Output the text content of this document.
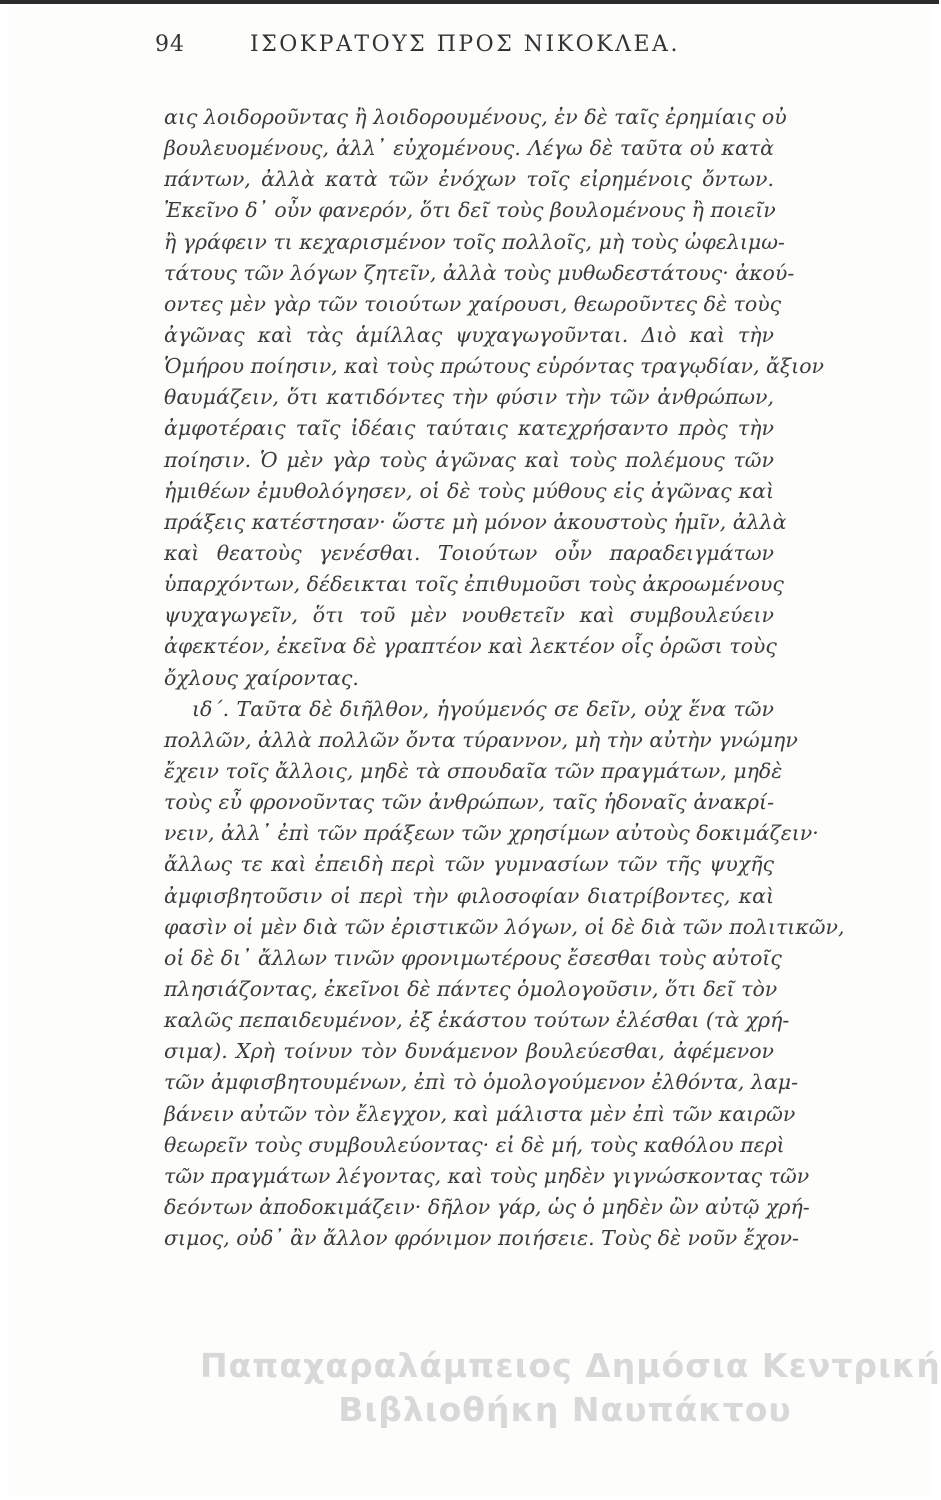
94	ΙΣΟΚΡΑΤΟΥΣ ΠΡΟΣ ΝΙΚΟΚΛΕΑ.
αις λοιδοροῦντας ἢ λοιδορουμένους, ἐν δὲ ταῖς ἐρημίαις οὐ
βουλευομένους, ἀλλ᾽ εὐχομένους. Λέγω δὲ ταῦτα οὐ κατὰ
πάντων, ἀλλὰ κατὰ τῶν ἐνόχων τοῖς εἰρημένοις ὄντων.
Ἐκεῖνο δ᾽ οὖν φανερόν, ὅτι δεῖ τοὺς βουλομένους ἢ ποιεῖν
ἢ γράφειν τι κεχαρισμένον τοῖς πολλοῖς, μὴ τοὺς ὠφελιμω-
τάτους τῶν λόγων ζητεῖν, ἀλλὰ τοὺς μυθωδεστάτους· ἀκού-
οντες μὲν γὰρ τῶν τοιούτων χαίρουσι, θεωροῦντες δὲ τοὺς
ἀγῶνας καὶ τὰς ἁμίλλας ψυχαγωγοῦνται. Διὸ καὶ τὴν
Ὁμήρου ποίησιν, καὶ τοὺς πρώτους εὑρόντας τραγῳδίαν, ἄξιον
θαυμάζειν, ὅτι κατιδόντες τὴν φύσιν τὴν τῶν ἀνθρώπων,
ἀμφοτέραις ταῖς ἰδέαις ταύταις κατεχρήσαντο πρὸς τὴν
ποίησιν. Ὁ μὲν γὰρ τοὺς ἀγῶνας καὶ τοὺς πολέμους τῶν
ἡμιθέων ἐμυθολόγησεν, οἱ δὲ τοὺς μύθους εἰς ἀγῶνας καὶ
πράξεις κατέστησαν· ὥστε μὴ μόνον ἀκουστοὺς ἡμῖν, ἀλλὰ
καὶ θεατοὺς γενέσθαι. Τοιούτων οὖν παραδειγμάτων
ὑπαρχόντων, δέδεικται τοῖς ἐπιθυμοῦσι τοὺς ἀκροωμένους
ψυχαγωγεῖν, ὅτι τοῦ μὲν νουθετεῖν καὶ συμβουλεύειν
ἀφεκτέον, ἐκεῖνα δὲ γραπτέον καὶ λεκτέον οἷς ὁρῶσι τοὺς
ὄχλους χαίροντας.
ιδ΄. Ταῦτα δὲ διῆλθον, ἡγούμενός σε δεῖν, οὐχ ἕνα τῶν
πολλῶν, ἀλλὰ πολλῶν ὄντα τύραννον, μὴ τὴν αὐτὴν γνώμην
ἔχειν τοῖς ἄλλοις, μηδὲ τὰ σπουδαῖα τῶν πραγμάτων, μηδὲ
τοὺς εὖ φρονοῦντας τῶν ἀνθρώπων, ταῖς ἡδοναῖς ἀνακρί-
νειν, ἀλλ᾽ ἐπὶ τῶν πράξεων τῶν χρησίμων αὐτοὺς δοκιμάζειν·
ἄλλως τε καὶ ἐπειδὴ περὶ τῶν γυμνασίων τῶν τῆς ψυχῆς
ἀμφισβητοῦσιν οἱ περὶ τὴν φιλοσοφίαν διατρίβοντες, καὶ
φασὶν οἱ μὲν διὰ τῶν ἐριστικῶν λόγων, οἱ δὲ διὰ τῶν πολιτικῶν,
οἱ δὲ δι᾽ ἄλλων τινῶν φρονιμωτέρους ἔσεσθαι τοὺς αὐτοῖς
πλησιάζοντας, ἐκεῖνοι δὲ πάντες ὁμολογοῦσιν, ὅτι δεῖ τὸν
καλῶς πεπαιδευμένον, ἐξ ἑκάστου τούτων ἑλέσθαι (τὰ χρή-
σιμα). Χρὴ τοίνυν τὸν δυνάμενον βουλεύεσθαι, ἀφέμενον
τῶν ἀμφισβητουμένων, ἐπὶ τὸ ὁμολογούμενον ἐλθόντα, λαμ-
βάνειν αὐτῶν τὸν ἔλεγχον, καὶ μάλιστα μὲν ἐπὶ τῶν καιρῶν
θεωρεῖν τοὺς συμβουλεύοντας· εἰ δὲ μή, τοὺς καθόλου περὶ
τῶν πραγμάτων λέγοντας, καὶ τοὺς μηδὲν γιγνώσκοντας τῶν
δεόντων ἀποδοκιμάζειν· δῆλον γάρ, ὡς ὁ μηδὲν ὢν αὐτῷ χρή-
σιμος, οὐδ᾽ ἂν ἄλλον φρόνιμον ποιήσειε. Τοὺς δὲ νοῦν ἔχον-
Παπαχαραλάμπειος Δημόσια Κεντρική
Βιβλιοθήκη Ναυπάκτου
